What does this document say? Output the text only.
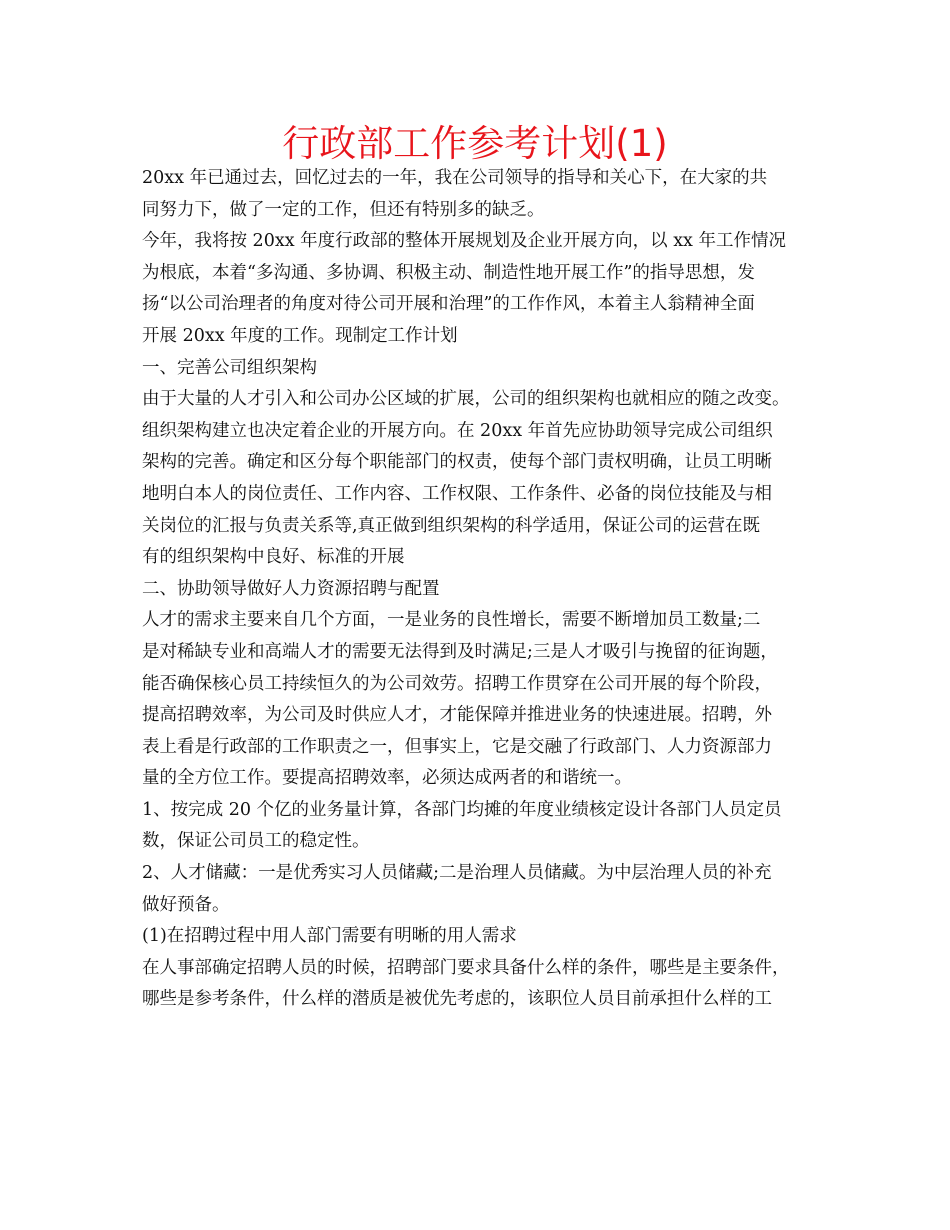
行政部工作参考计划(1)
20xx 年已通过去，回忆过去的一年，我在公司领导的指导和关心下，在大家的共
同努力下，做了一定的工作，但还有特别多的缺乏。
今年，我将按 20xx 年度行政部的整体开展规划及企业开展方向，以 xx 年工作情况
为根底，本着“多沟通、多协调、积极主动、制造性地开展工作”的指导思想，发
扬“以公司治理者的角度对待公司开展和治理”的工作作风，本着主人翁精神全面
开展 20xx 年度的工作。现制定工作计划
一、完善公司组织架构
由于大量的人才引入和公司办公区域的扩展，公司的组织架构也就相应的随之改变。
组织架构建立也决定着企业的开展方向。在 20xx 年首先应协助领导完成公司组织
架构的完善。确定和区分每个职能部门的权责，使每个部门责权明确，让员工明晰
地明白本人的岗位责任、工作内容、工作权限、工作条件、必备的岗位技能及与相
关岗位的汇报与负责关系等,真正做到组织架构的科学适用，保证公司的运营在既
有的组织架构中良好、标准的开展
二、协助领导做好人力资源招聘与配置
人才的需求主要来自几个方面，一是业务的良性增长，需要不断增加员工数量;二
是对稀缺专业和高端人才的需要无法得到及时满足;三是人才吸引与挽留的征询题，
能否确保核心员工持续恒久的为公司效劳。招聘工作贯穿在公司开展的每个阶段，
提高招聘效率，为公司及时供应人才，才能保障并推进业务的快速进展。招聘，外
表上看是行政部的工作职责之一，但事实上，它是交融了行政部门、人力资源部力
量的全方位工作。要提高招聘效率，必须达成两者的和谐统一。
1、按完成 20 个亿的业务量计算，各部门均摊的年度业绩核定设计各部门人员定员
数，保证公司员工的稳定性。
2、人才储藏：一是优秀实习人员储藏;二是治理人员储藏。为中层治理人员的补充
做好预备。
(1)在招聘过程中用人部门需要有明晰的用人需求
在人事部确定招聘人员的时候，招聘部门要求具备什么样的条件，哪些是主要条件，
哪些是参考条件，什么样的潜质是被优先考虑的，该职位人员目前承担什么样的工
